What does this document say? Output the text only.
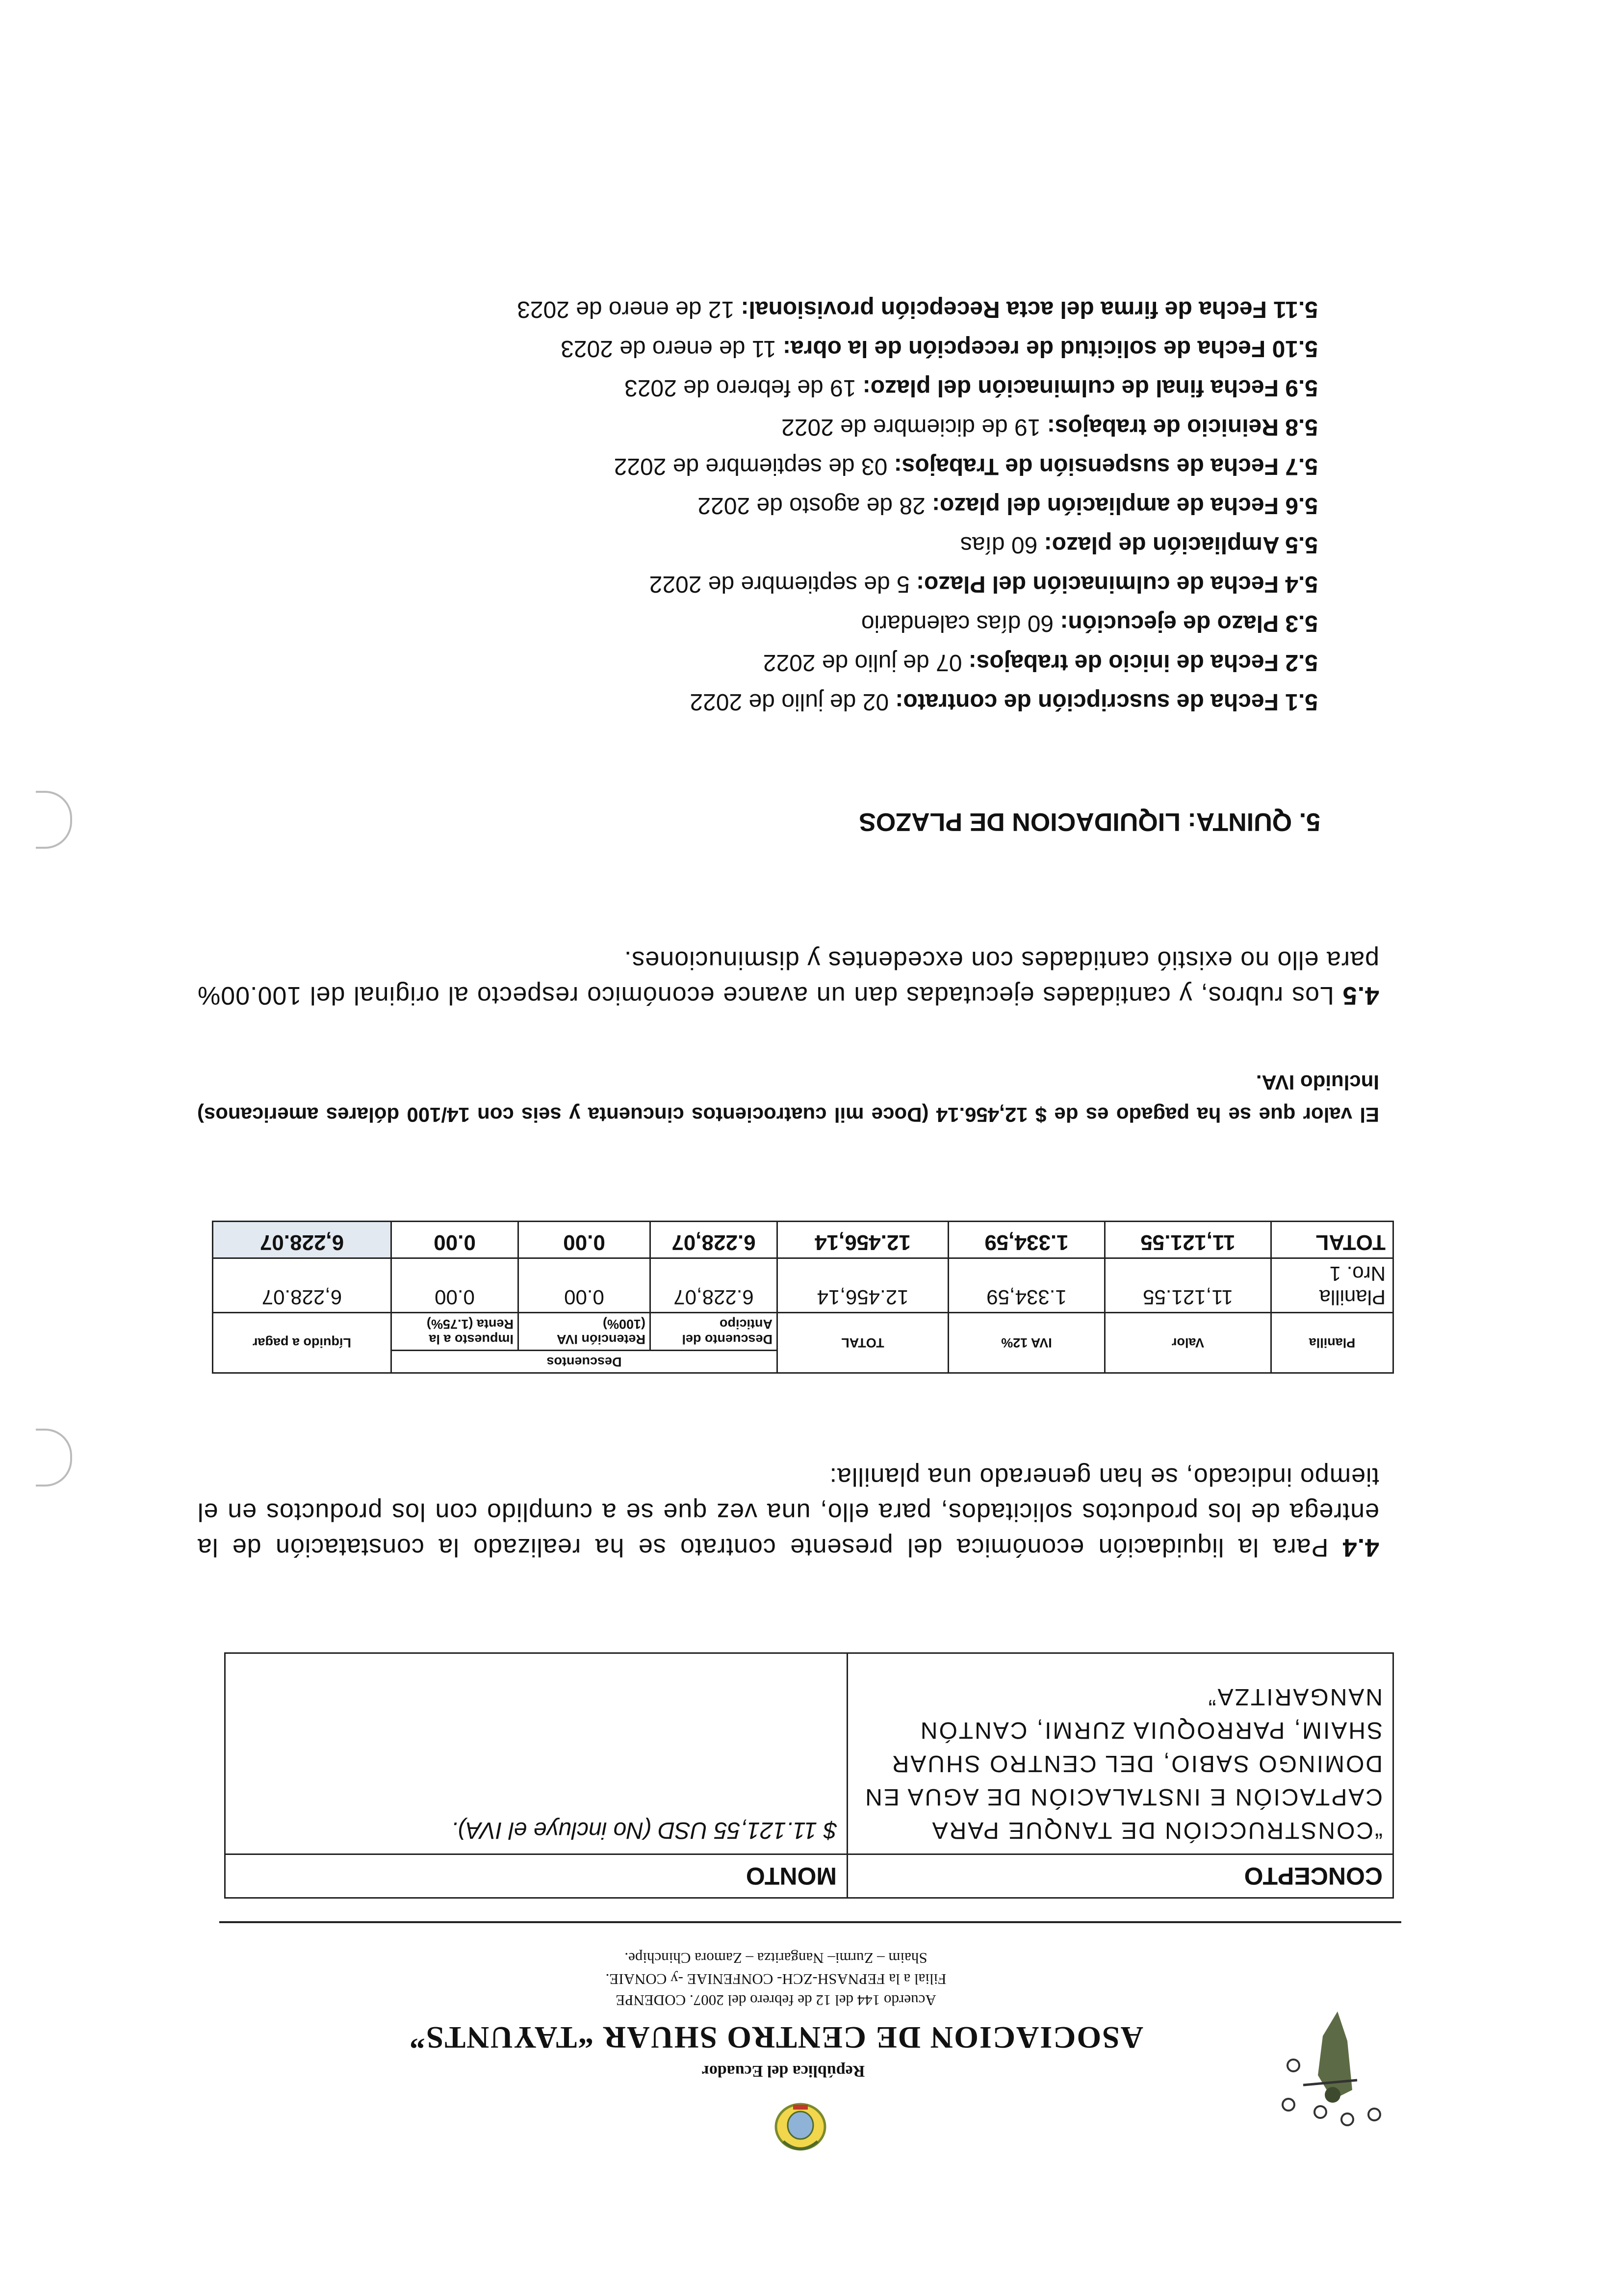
República del Ecuador
ASOCIACION DE CENTRO SHUAR “TAYUNTS”
Acuerdo 144 del 12 de febrero del 2007. CODENPE
Filial a la FEPNASH-ZCH- CONFENIAE -y CONAIE.
Shaim – Zurmi– Nangaritza – Zamora Chinchipe.
CONCEPTO	MONTO
“CONSTRUCCIÓN DE TANQUE PARA CAPTACIÓN E INSTALACIÓN DE AGUA EN DOMINGO SABIO, DEL CENTRO SHUAR SHAIM, PARROQUIA ZURMI, CANTÓN NANGARITZA”	$ 11.121,55 USD (No incluye el IVA).
4.4 Para la liquidación económica del presente contrato se ha realizado la constatación de la entrega de los productos solicitados, para ello, una vez que se a cumplido con los productos en el tiempo indicado, se han generado una planilla:
Planilla	Valor	IVA 12%	TOTAL	Descuentos			Líquido a pagar
				Descuento del Anticipo	Retención IVA (100%)	Impuesto a la Renta (1.75%)	
Planilla Nro. 1	11,121.55	1.334,59	12.456,14	6.228,07	0.00	0.00	6,228.07
TOTAL	11,121.55	1.334,59	12.456,14	6.228,07	0.00	0.00	6,228.07
El valor que se ha pagado es de $ 12,456.14 (Doce mil cuatrocientos cincuenta y seis con 14/100 dólares americanos) Incluido IVA.
4.5 Los rubros, y cantidades ejecutadas dan un avance económico respecto al original del 100.00% para ello no existió cantidades con excedentes y disminuciones.
5. QUINTA: LIQUIDACION DE PLAZOS
5.1 Fecha de suscripción de contrato: 02 de julio de 2022
5.2 Fecha de inicio de trabajos: 07 de julio de 2022
5.3 Plazo de ejecución: 60 días calendario
5.4 Fecha de culminación del Plazo: 5 de septiembre de 2022
5.5 Ampliación de plazo: 60 días
5.6 Fecha de ampliación del plazo: 28 de agosto de 2022
5.7 Fecha de suspensión de Trabajos: 03 de septiembre de 2022
5.8 Reinicio de trabajos: 19 de diciembre de 2022
5.9 Fecha final de culminación del plazo: 19 de febrero de 2023
5.10 Fecha de solicitud de recepción de la obra: 11 de enero de 2023
5.11 Fecha de firma del acta Recepción provisional: 12 de enero de 2023
